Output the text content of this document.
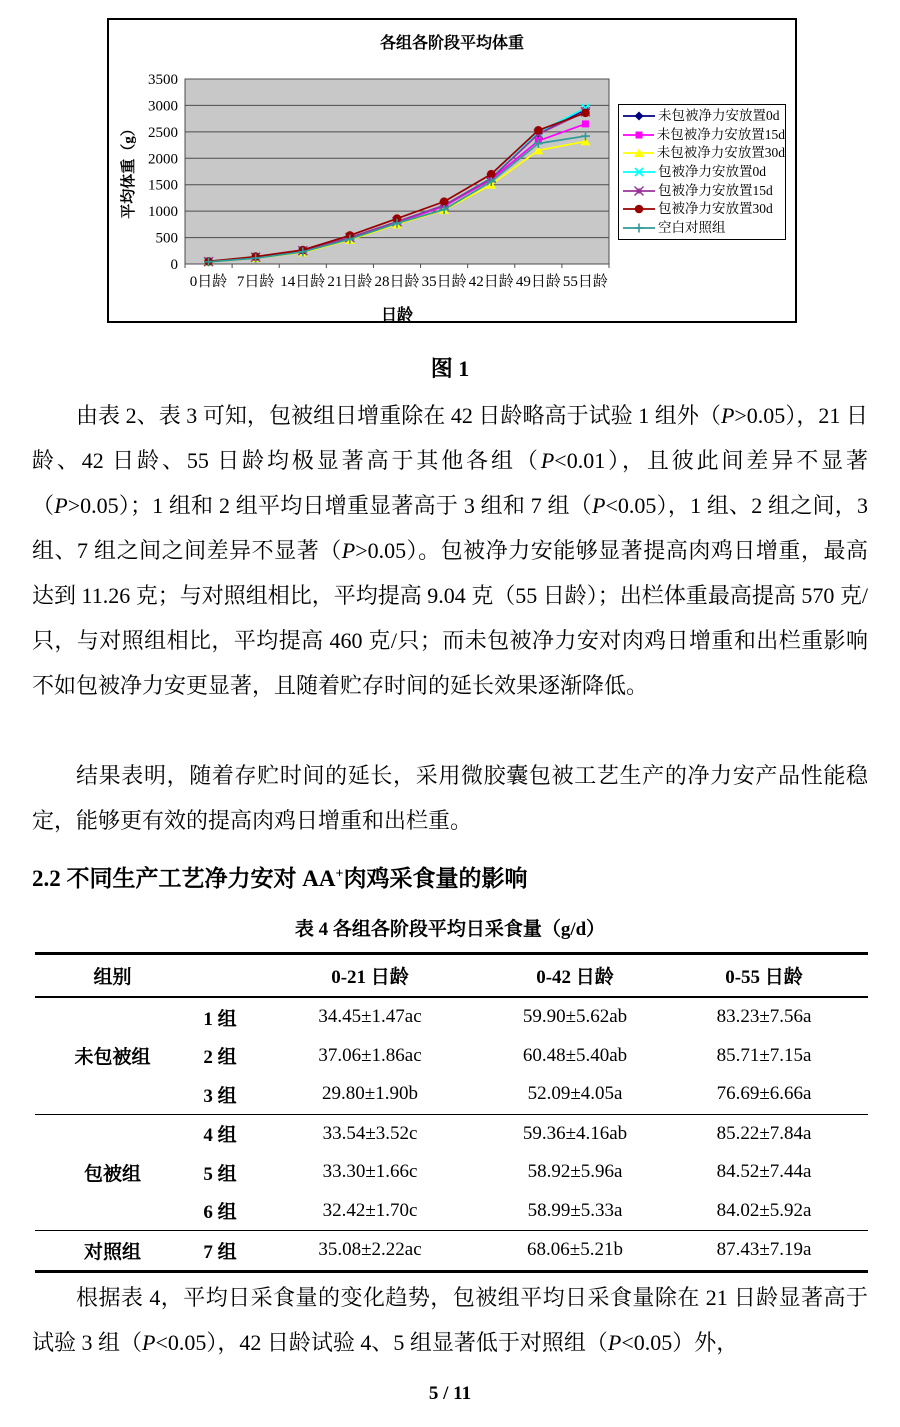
0
500
1000
1500
2000
2500
3000
3500
0日龄 7日龄 14日龄 21日龄 28日龄 35日龄 42日龄 49日龄 55日龄
各组各阶段平均体重
平均体重（g）
日龄
未包被净力安放置0d
未包被净力安放置15d
未包被净力安放置30d
包被净力安放置0d
包被净力安放置15d
包被净力安放置30d
空白对照组
图 1

由表 2、表 3 可知，包被组日增重除在 42 日龄略高于试验 1 组外（P>0.05），21 日龄、42 日龄、55 日龄均极显著高于其他各组（P<0.01），且彼此间差异不显著（P>0.05）；1 组和 2 组平均日增重显著高于 3 组和 7 组（P<0.05），1 组、2 组之间，3 组、7 组之间之间差异不显著（P>0.05）。包被净力安能够显著提高肉鸡日增重，最高达到 11.26 克；与对照组相比，平均提高 9.04 克（55 日龄）；出栏体重最高提高 570 克/只，与对照组相比，平均提高 460 克/只；而未包被净力安对肉鸡日增重和出栏重影响不如包被净力安更显著，且随着贮存时间的延长效果逐渐降低。

结果表明，随着存贮时间的延长，采用微胶囊包被工艺生产的净力安产品性能稳定，能够更有效的提高肉鸡日增重和出栏重。

2.2 不同生产工艺净力安对 AA+肉鸡采食量的影响
表 4 各组各阶段平均日采食量（g/d）
组别	0-21 日龄	0-42 日龄	0-55 日龄
未包被组
1 组	34.45±1.47ac	59.90±5.62ab	83.23±7.56a
2 组	37.06±1.86ac	60.48±5.40ab	85.71±7.15a
3 组	29.80±1.90b	52.09±4.05a	76.69±6.66a
包被组
4 组	33.54±3.52c	59.36±4.16ab	85.22±7.84a
5 组	33.30±1.66c	58.92±5.96a	84.52±7.44a
6 组	32.42±1.70c	58.99±5.33a	84.02±5.92a
对照组	7 组	35.08±2.22ac	68.06±5.21b	87.43±7.19a

根据表 4，平均日采食量的变化趋势，包被组平均日采食量除在 21 日龄显著高于试验 3 组（P<0.05），42 日龄试验 4、5 组显著低于对照组（P<0.05）外，

5 / 11
